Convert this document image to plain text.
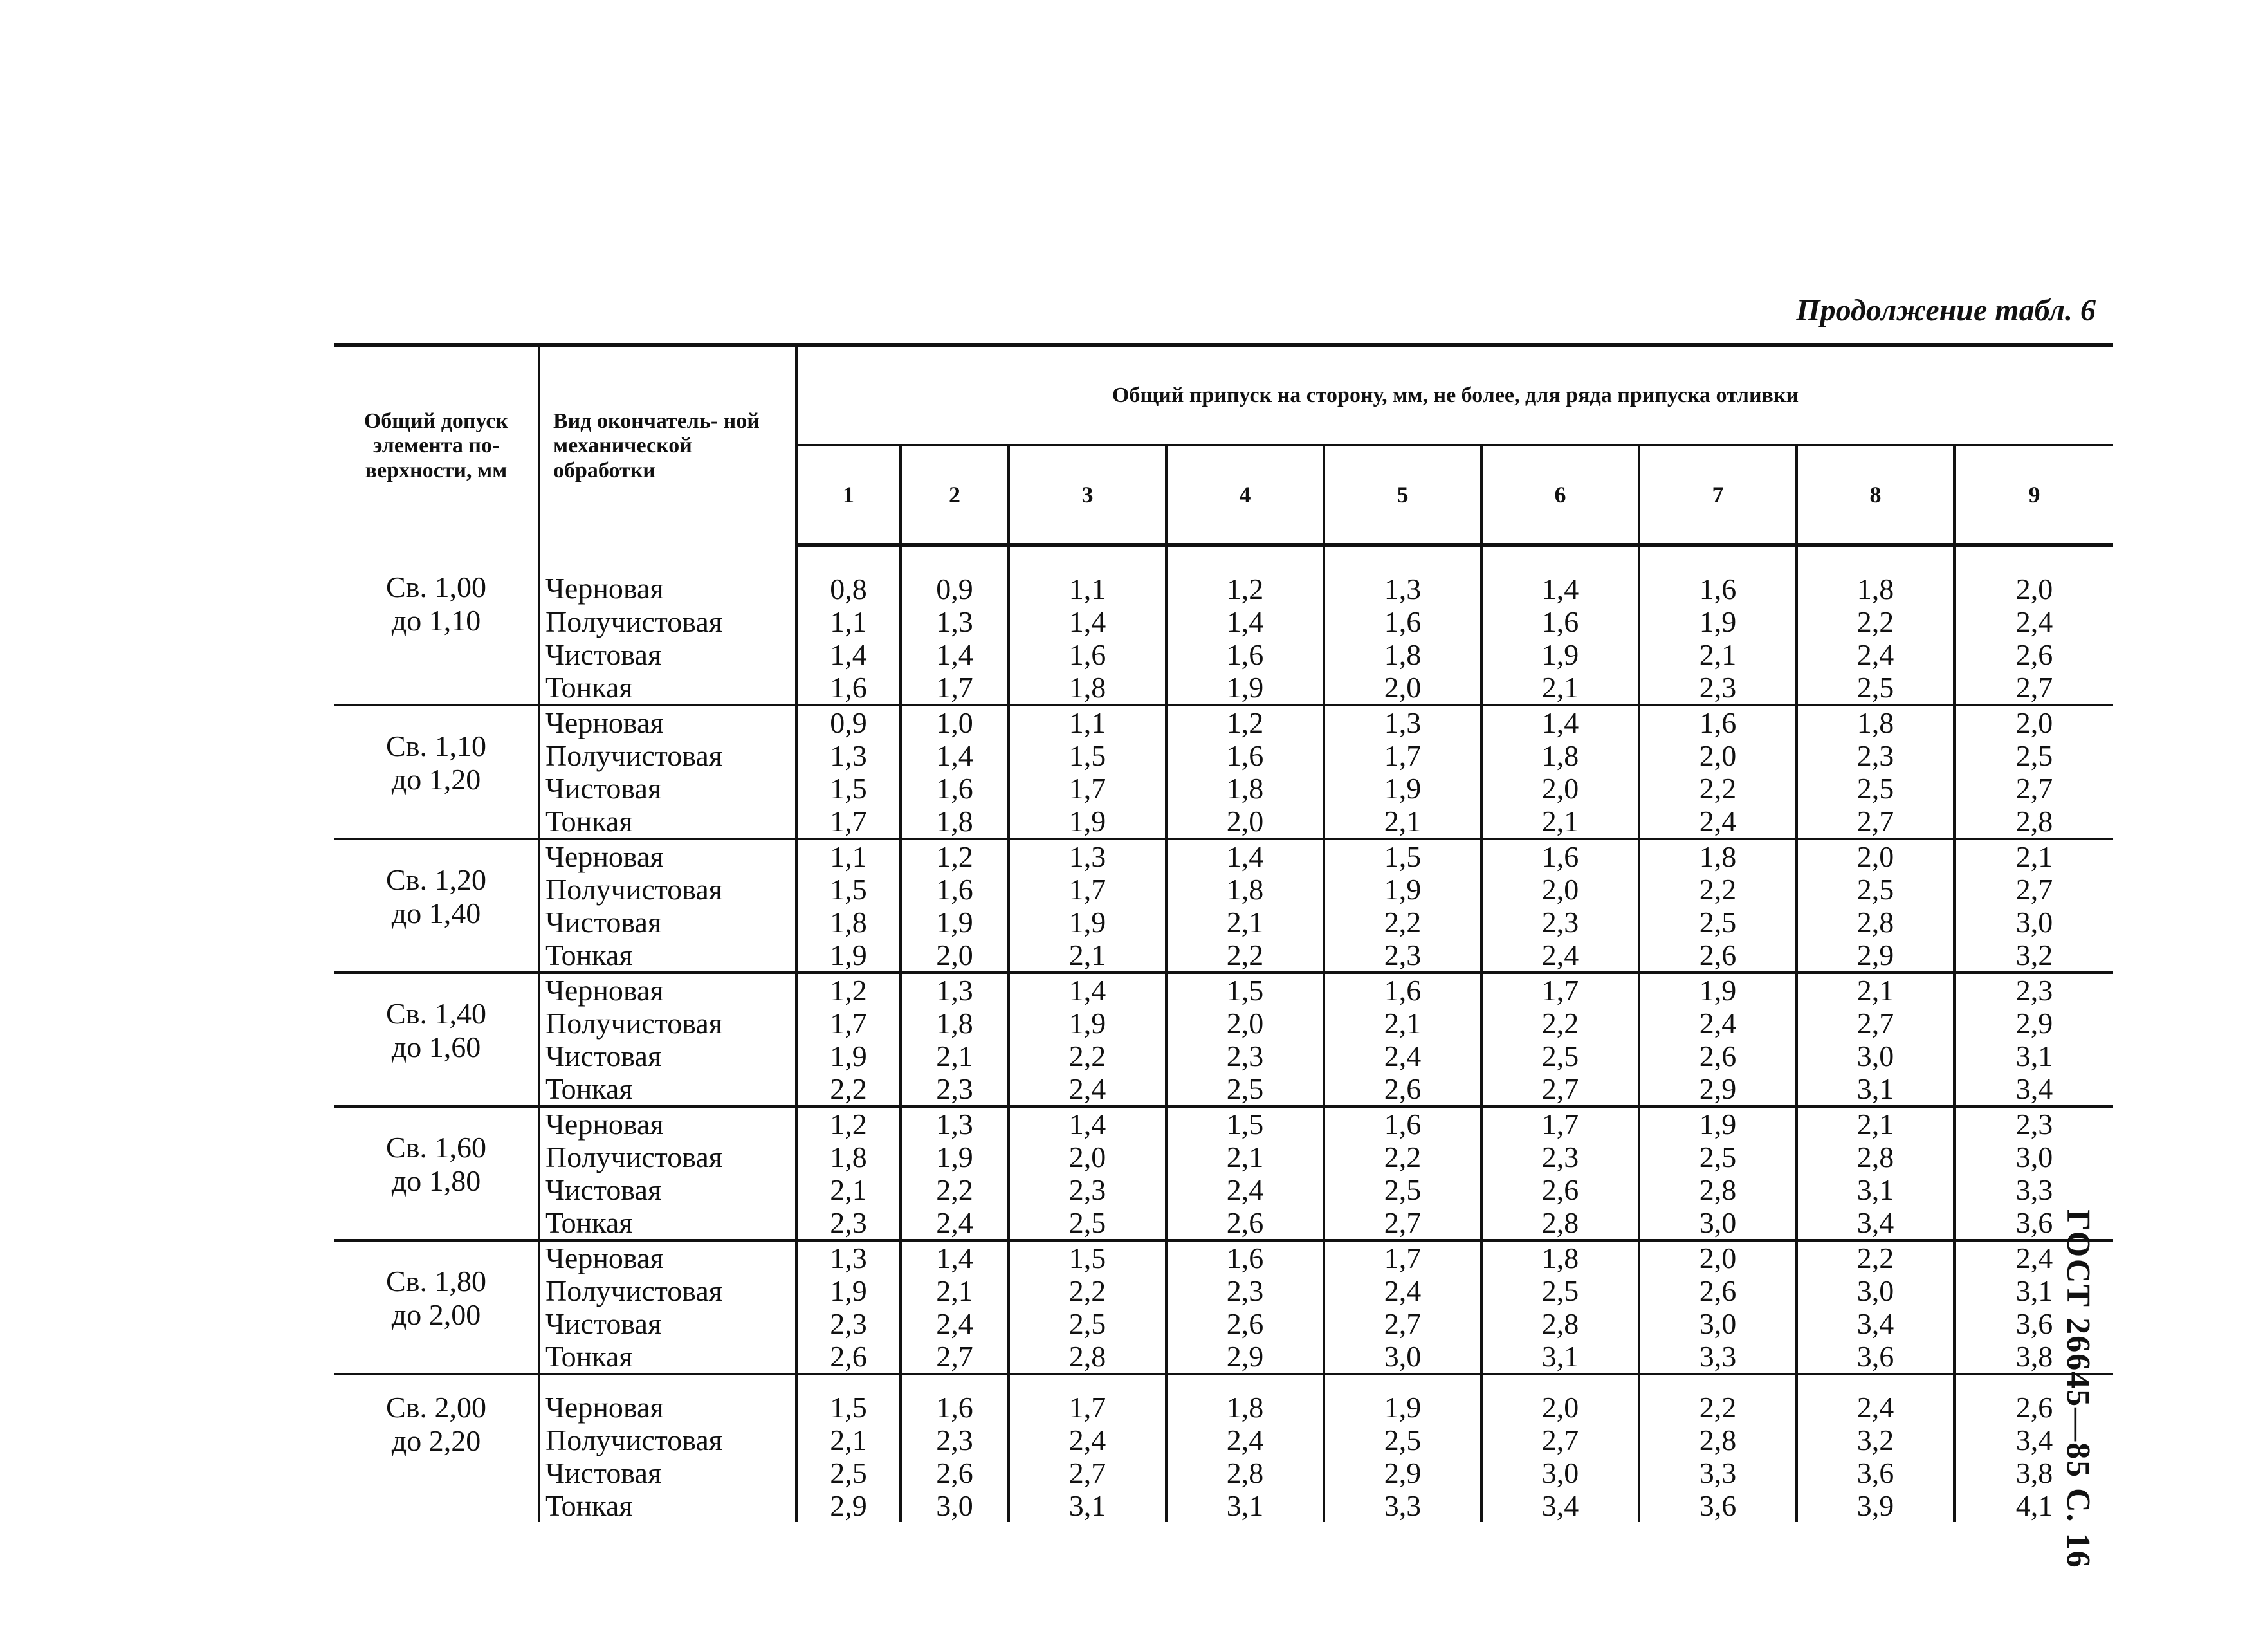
Продолжение табл. 6
ГОСТ 26645—85 С. 16
Общий допуск элемента по- верхности, мм	Вид окончатель- ной механической обработки	Общий припуск на сторону, мм, не более, для ряда припуска отливки								
		1	2	3	4	5	6	7	8	9

Св. 1,00
до 1,10	Черновая	0,8	0,9	1,1	1,2	1,3	1,4	1,6	1,8	2,0
	Получистовая	1,1	1,3	1,4	1,4	1,6	1,6	1,9	2,2	2,4
	Чистовая	1,4	1,4	1,6	1,6	1,8	1,9	2,1	2,4	2,6
	Тонкая	1,6	1,7	1,8	1,9	2,0	2,1	2,3	2,5	2,7

Св. 1,10
до 1,20	Черновая	0,9	1,0	1,1	1,2	1,3	1,4	1,6	1,8	2,0
	Получистовая	1,3	1,4	1,5	1,6	1,7	1,8	2,0	2,3	2,5
	Чистовая	1,5	1,6	1,7	1,8	1,9	2,0	2,2	2,5	2,7
	Тонкая	1,7	1,8	1,9	2,0	2,1	2,1	2,4	2,7	2,8

Св. 1,20
до 1,40	Черновая	1,1	1,2	1,3	1,4	1,5	1,6	1,8	2,0	2,1
	Получистовая	1,5	1,6	1,7	1,8	1,9	2,0	2,2	2,5	2,7
	Чистовая	1,8	1,9	1,9	2,1	2,2	2,3	2,5	2,8	3,0
	Тонкая	1,9	2,0	2,1	2,2	2,3	2,4	2,6	2,9	3,2

Св. 1,40
до 1,60	Черновая	1,2	1,3	1,4	1,5	1,6	1,7	1,9	2,1	2,3
	Получистовая	1,7	1,8	1,9	2,0	2,1	2,2	2,4	2,7	2,9
	Чистовая	1,9	2,1	2,2	2,3	2,4	2,5	2,6	3,0	3,1
	Тонкая	2,2	2,3	2,4	2,5	2,6	2,7	2,9	3,1	3,4

Св. 1,60
до 1,80	Черновая	1,2	1,3	1,4	1,5	1,6	1,7	1,9	2,1	2,3
	Получистовая	1,8	1,9	2,0	2,1	2,2	2,3	2,5	2,8	3,0
	Чистовая	2,1	2,2	2,3	2,4	2,5	2,6	2,8	3,1	3,3
	Тонкая	2,3	2,4	2,5	2,6	2,7	2,8	3,0	3,4	3,6

Св. 1,80
до 2,00	Черновая	1,3	1,4	1,5	1,6	1,7	1,8	2,0	2,2	2,4
	Получистовая	1,9	2,1	2,2	2,3	2,4	2,5	2,6	3,0	3,1
	Чистовая	2,3	2,4	2,5	2,6	2,7	2,8	3,0	3,4	3,6
	Тонкая	2,6	2,7	2,8	2,9	3,0	3,1	3,3	3,6	3,8

Св. 2,00
до 2,20	Черновая	1,5	1,6	1,7	1,8	1,9	2,0	2,2	2,4	2,6
	Получистовая	2,1	2,3	2,4	2,4	2,5	2,7	2,8	3,2	3,4
	Чистовая	2,5	2,6	2,7	2,8	2,9	3,0	3,3	3,6	3,8
	Тонкая	2,9	3,0	3,1	3,1	3,3	3,4	3,6	3,9	4,1
